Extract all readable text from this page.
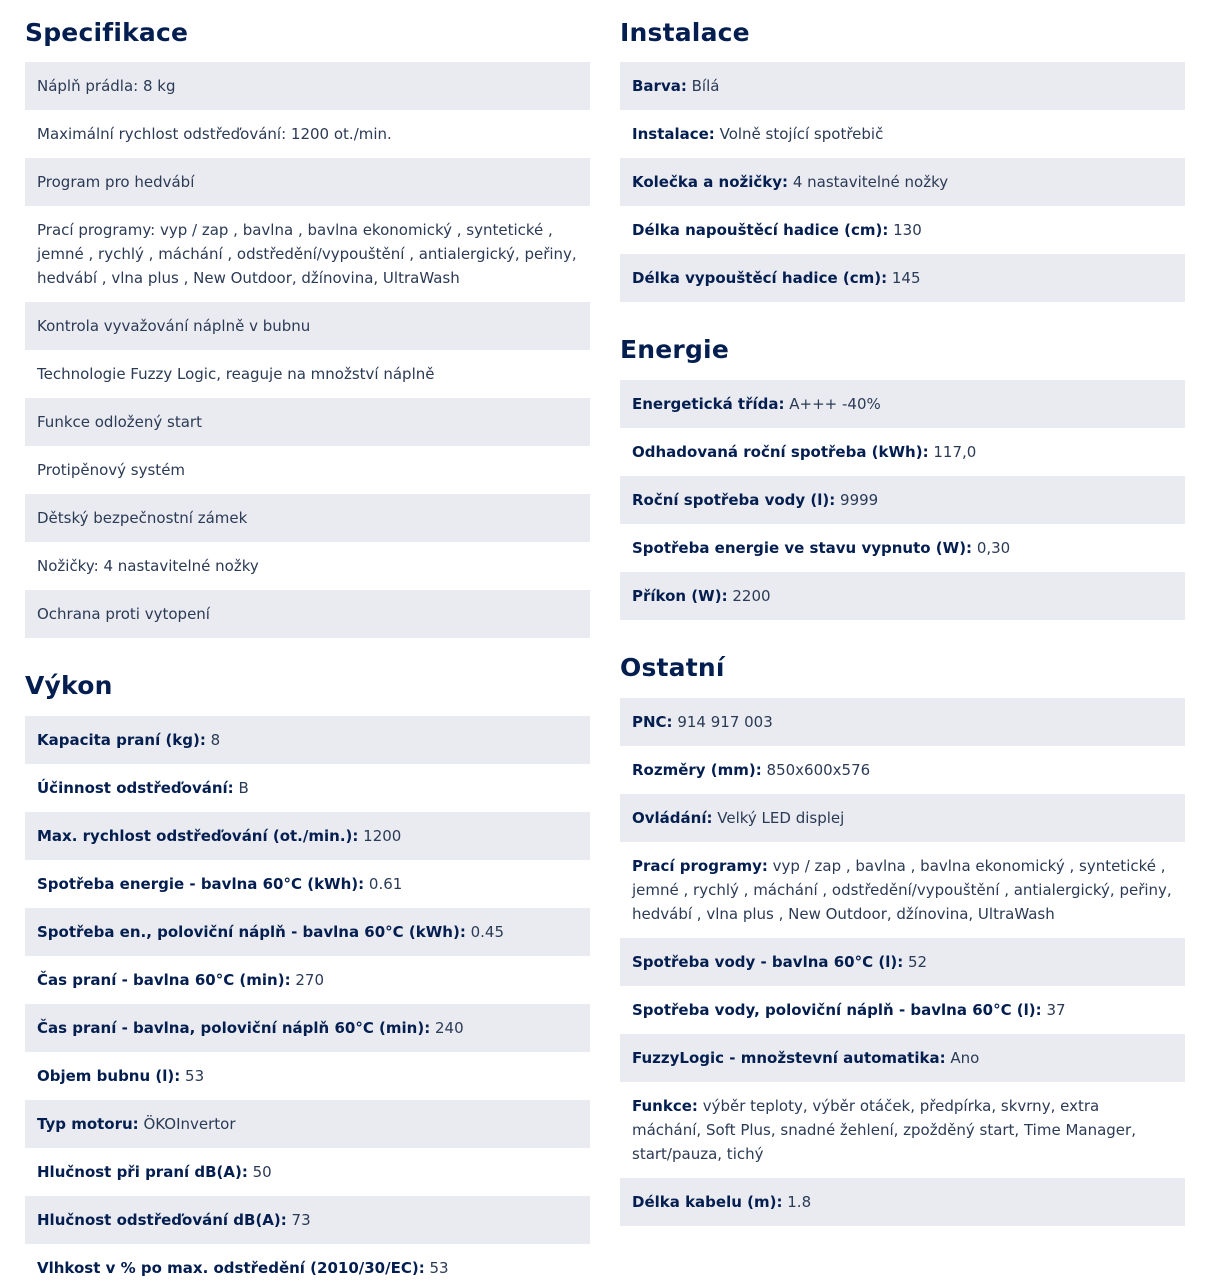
Specifikace
Náplň prádla: 8 kg
Maximální rychlost odstřeďování: 1200 ot./min.
Program pro hedvábí
Prací programy: vyp / zap , bavlna , bavlna ekonomický , syntetické , jemné , rychlý , máchání , odstředění/vypouštění , antialergický, peřiny, hedvábí , vlna plus , New Outdoor, džínovina, UltraWash
Kontrola vyvažování náplně v bubnu
Technologie Fuzzy Logic, reaguje na množství náplně
Funkce odložený start
Protipěnový systém
Dětský bezpečnostní zámek
Nožičky: 4 nastavitelné nožky
Ochrana proti vytopení
Výkon
Kapacita praní (kg): 8
Účinnost odstřeďování: B
Max. rychlost odstřeďování (ot./min.): 1200
Spotřeba energie - bavlna 60°C (kWh): 0.61
Spotřeba en., poloviční náplň - bavlna 60°C (kWh): 0.45
Čas praní - bavlna 60°C (min): 270
Čas praní - bavlna, poloviční náplň 60°C (min): 240
Objem bubnu (l): 53
Typ motoru: ÖKOInvertor
Hlučnost při praní dB(A): 50
Hlučnost odstřeďování dB(A): 73
Vlhkost v % po max. odstředění (2010/30/EC): 53
Instalace
Barva: Bílá
Instalace: Volně stojící spotřebič
Kolečka a nožičky: 4 nastavitelné nožky
Délka napouštěcí hadice (cm): 130
Délka vypouštěcí hadice (cm): 145
Energie
Energetická třída: A+++ -40%
Odhadovaná roční spotřeba (kWh): 117,0
Roční spotřeba vody (l): 9999
Spotřeba energie ve stavu vypnuto (W): 0,30
Příkon (W): 2200
Ostatní
PNC: 914 917 003
Rozměry (mm): 850x600x576
Ovládání: Velký LED displej
Prací programy: vyp / zap , bavlna , bavlna ekonomický , syntetické , jemné , rychlý , máchání , odstředění/vypouštění , antialergický, peřiny, hedvábí , vlna plus , New Outdoor, džínovina, UltraWash
Spotřeba vody - bavlna 60°C (l): 52
Spotřeba vody, poloviční náplň - bavlna 60°C (l): 37
FuzzyLogic - množstevní automatika: Ano
Funkce: výběr teploty, výběr otáček, předpírka, skvrny, extra máchání, Soft Plus, snadné žehlení, zpožděný start, Time Manager, start/pauza, tichý
Délka kabelu (m): 1.8
